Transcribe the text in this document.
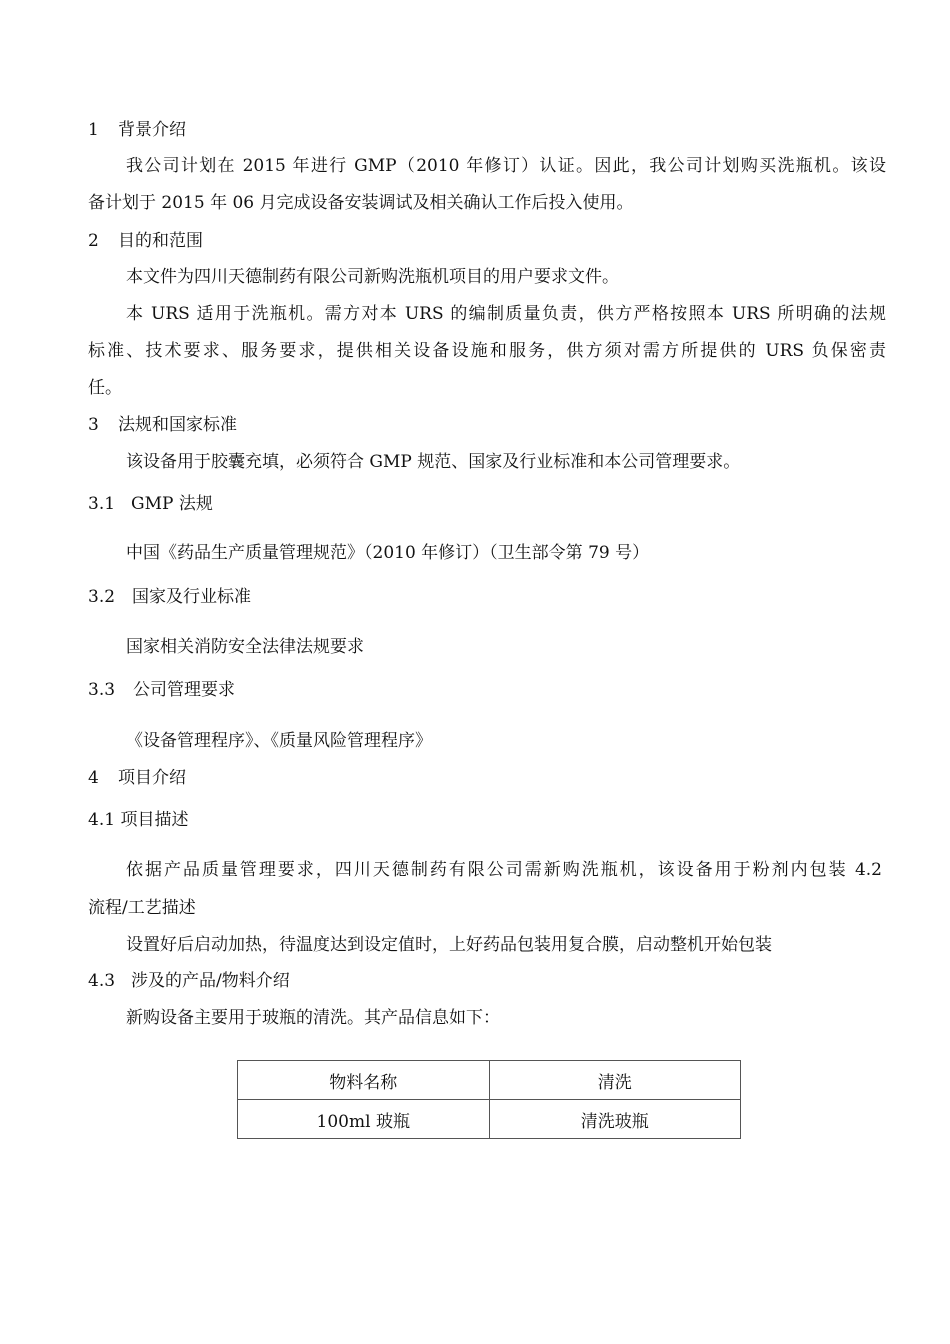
1 背景介绍
我公司计划在 2015 年进行 GMP（2010 年修订）认证。因此，我公司计划购买洗瓶机。该设
备计划于 2015 年 06 月完成设备安装调试及相关确认工作后投入使用。
2 目的和范围
本文件为四川天德制药有限公司新购洗瓶机项目的用户要求文件。
本 URS 适用于洗瓶机。需方对本 URS 的编制质量负责，供方严格按照本 URS 所明确的法规
标准、技术要求、服务要求，提供相关设备设施和服务，供方须对需方所提供的 URS 负保密责
任。
3 法规和国家标准
该设备用于胶囊充填，必须符合 GMP 规范、国家及行业标准和本公司管理要求。
3.1 GMP 法规
中国《药品生产质量管理规范》（2010 年修订）（卫生部令第 79 号）
3.2 国家及行业标准
国家相关消防安全法律法规要求
3.3 公司管理要求
《设备管理程序》、《质量风险管理程序》
4 项目介绍
4.1 项目描述
依据产品质量管理要求，四川天德制药有限公司需新购洗瓶机，该设备用于粉剂内包装 4.2
流程/工艺描述
设置好后启动加热，待温度达到设定值时，上好药品包装用复合膜，启动整机开始包装
4.3 涉及的产品/物料介绍
新购设备主要用于玻瓶的清洗。其产品信息如下：
物料名称	清洗
100ml 玻瓶	清洗玻瓶
